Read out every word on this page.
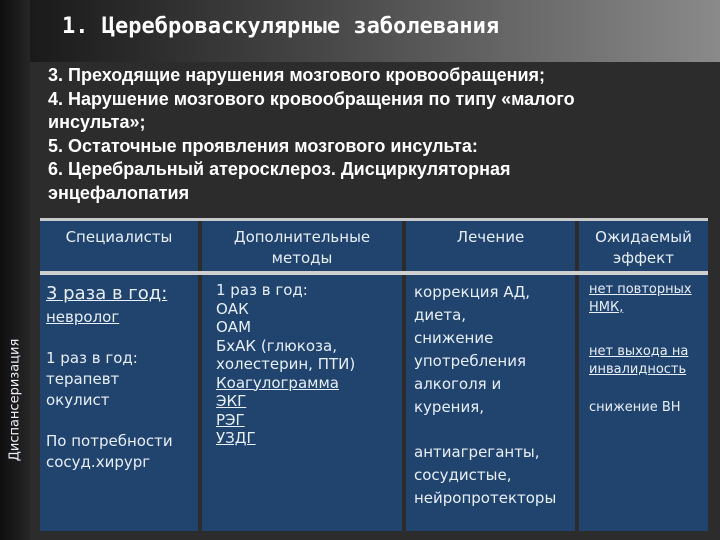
1. Цереброваскулярные заболевания
3. Преходящие нарушения мозгового кровообращения;
4. Нарушение мозгового кровообращения по типу «малого
инсульта»;
5. Остаточные проявления мозгового инсульта:
6. Церебральный атеросклероз. Дисциркуляторная
энцефалопатия
Диспансеризация
Специалисты	Дополнительные
методы
Лечение	Ожидаемый
эффект
3 раза в год:
невролог
1 раз в год:
терапевт
окулист
По потребности
сосуд.хирург
1 раз в год:
ОАК
ОАМ
БхАК (глюкоза,
холестерин, ПТИ)
Коагулограмма
ЭКГ
РЭГ
УЗДГ
коррекция АД,
диета,
снижение
употребления
алкоголя и
курения,
антиагреганты,
сосудистые,
нейропротекторы
нет повторных
НМК,
нет выхода на
инвалидность
снижение ВН
